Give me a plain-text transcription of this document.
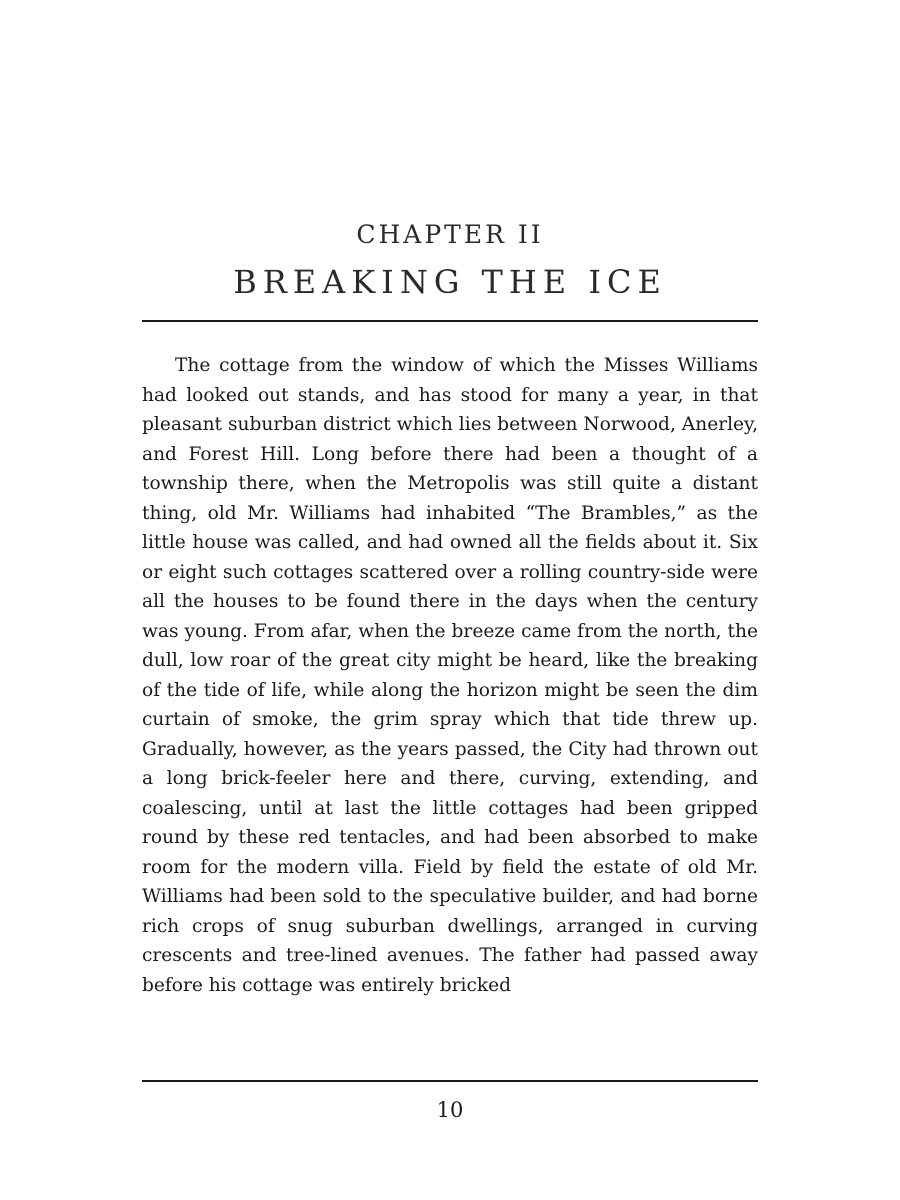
CHAPTER II
BREAKING THE ICE

The cottage from the window of which the Misses Williams had looked out stands, and has stood for many a year, in that pleasant suburban district which lies between Norwood, Anerley, and Forest Hill. Long before there had been a thought of a township there, when the Metropolis was still quite a distant thing, old Mr. Williams had inhabited “The Brambles,” as the little house was called, and had owned all the fields about it. Six or eight such cottages scattered over a rolling country-side were all the houses to be found there in the days when the century was young. From afar, when the breeze came from the north, the dull, low roar of the great city might be heard, like the breaking of the tide of life, while along the horizon might be seen the dim curtain of smoke, the grim spray which that tide threw up. Gradually, however, as the years passed, the City had thrown out a long brick-feeler here and there, curving, extending, and coalescing, until at last the little cottages had been gripped round by these red tentacles, and had been absorbed to make room for the modern villa. Field by field the estate of old Mr. Williams had been sold to the speculative builder, and had borne rich crops of snug suburban dwellings, arranged in curving crescents and tree-lined avenues. The father had passed away before his cottage was entirely bricked

10
